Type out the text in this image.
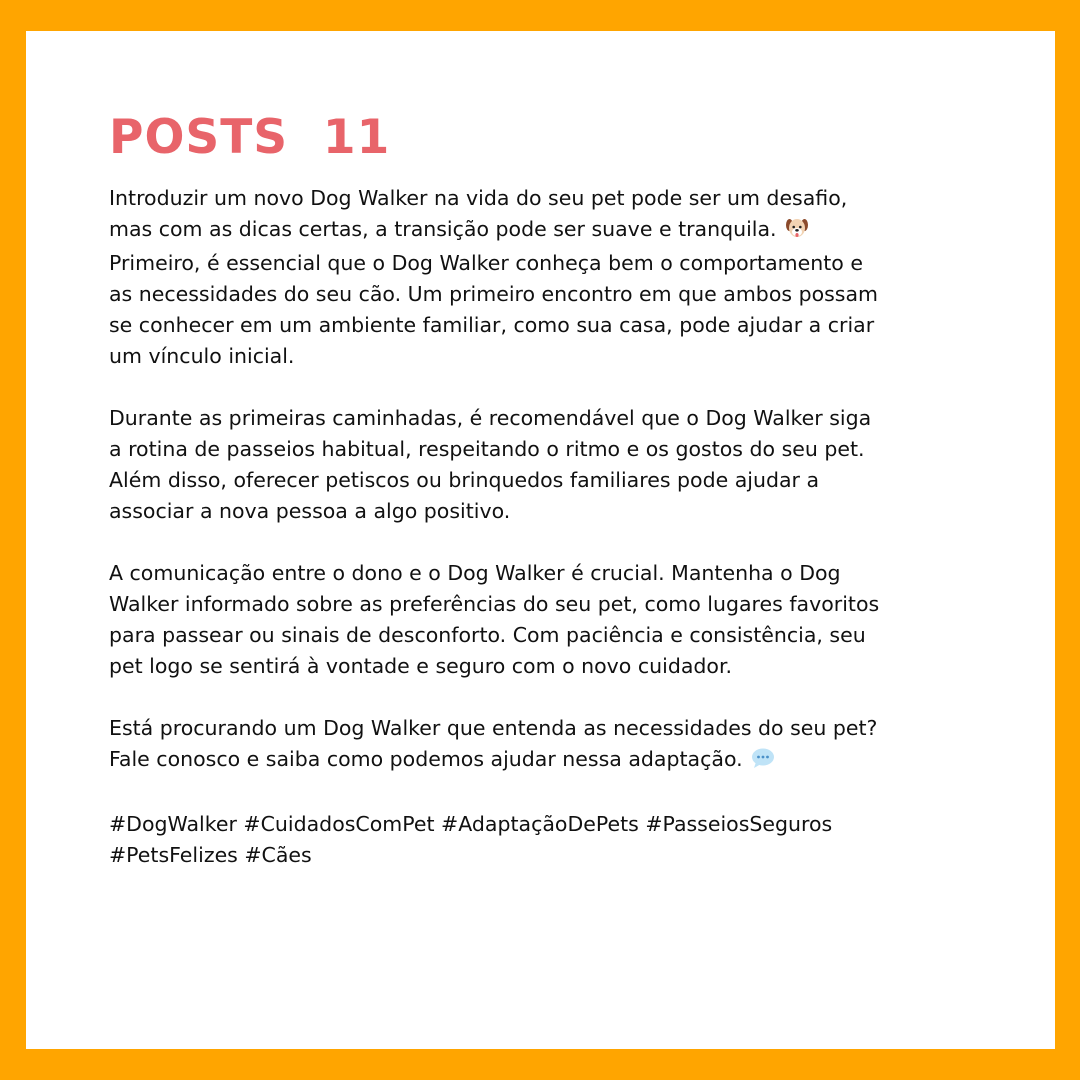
POSTS  11

Introduzir um novo Dog Walker na vida do seu pet pode ser um desafio,
mas com as dicas certas, a transição pode ser suave e tranquila.
Primeiro, é essencial que o Dog Walker conheça bem o comportamento e
as necessidades do seu cão. Um primeiro encontro em que ambos possam
se conhecer em um ambiente familiar, como sua casa, pode ajudar a criar
um vínculo inicial.

Durante as primeiras caminhadas, é recomendável que o Dog Walker siga
a rotina de passeios habitual, respeitando o ritmo e os gostos do seu pet.
Além disso, oferecer petiscos ou brinquedos familiares pode ajudar a
associar a nova pessoa a algo positivo.

A comunicação entre o dono e o Dog Walker é crucial. Mantenha o Dog
Walker informado sobre as preferências do seu pet, como lugares favoritos
para passear ou sinais de desconforto. Com paciência e consistência, seu
pet logo se sentirá à vontade e seguro com o novo cuidador.

Está procurando um Dog Walker que entenda as necessidades do seu pet?
Fale conosco e saiba como podemos ajudar nessa adaptação.

#DogWalker #CuidadosComPet #AdaptaçãoDePets #PasseiosSeguros
#PetsFelizes #Cães
